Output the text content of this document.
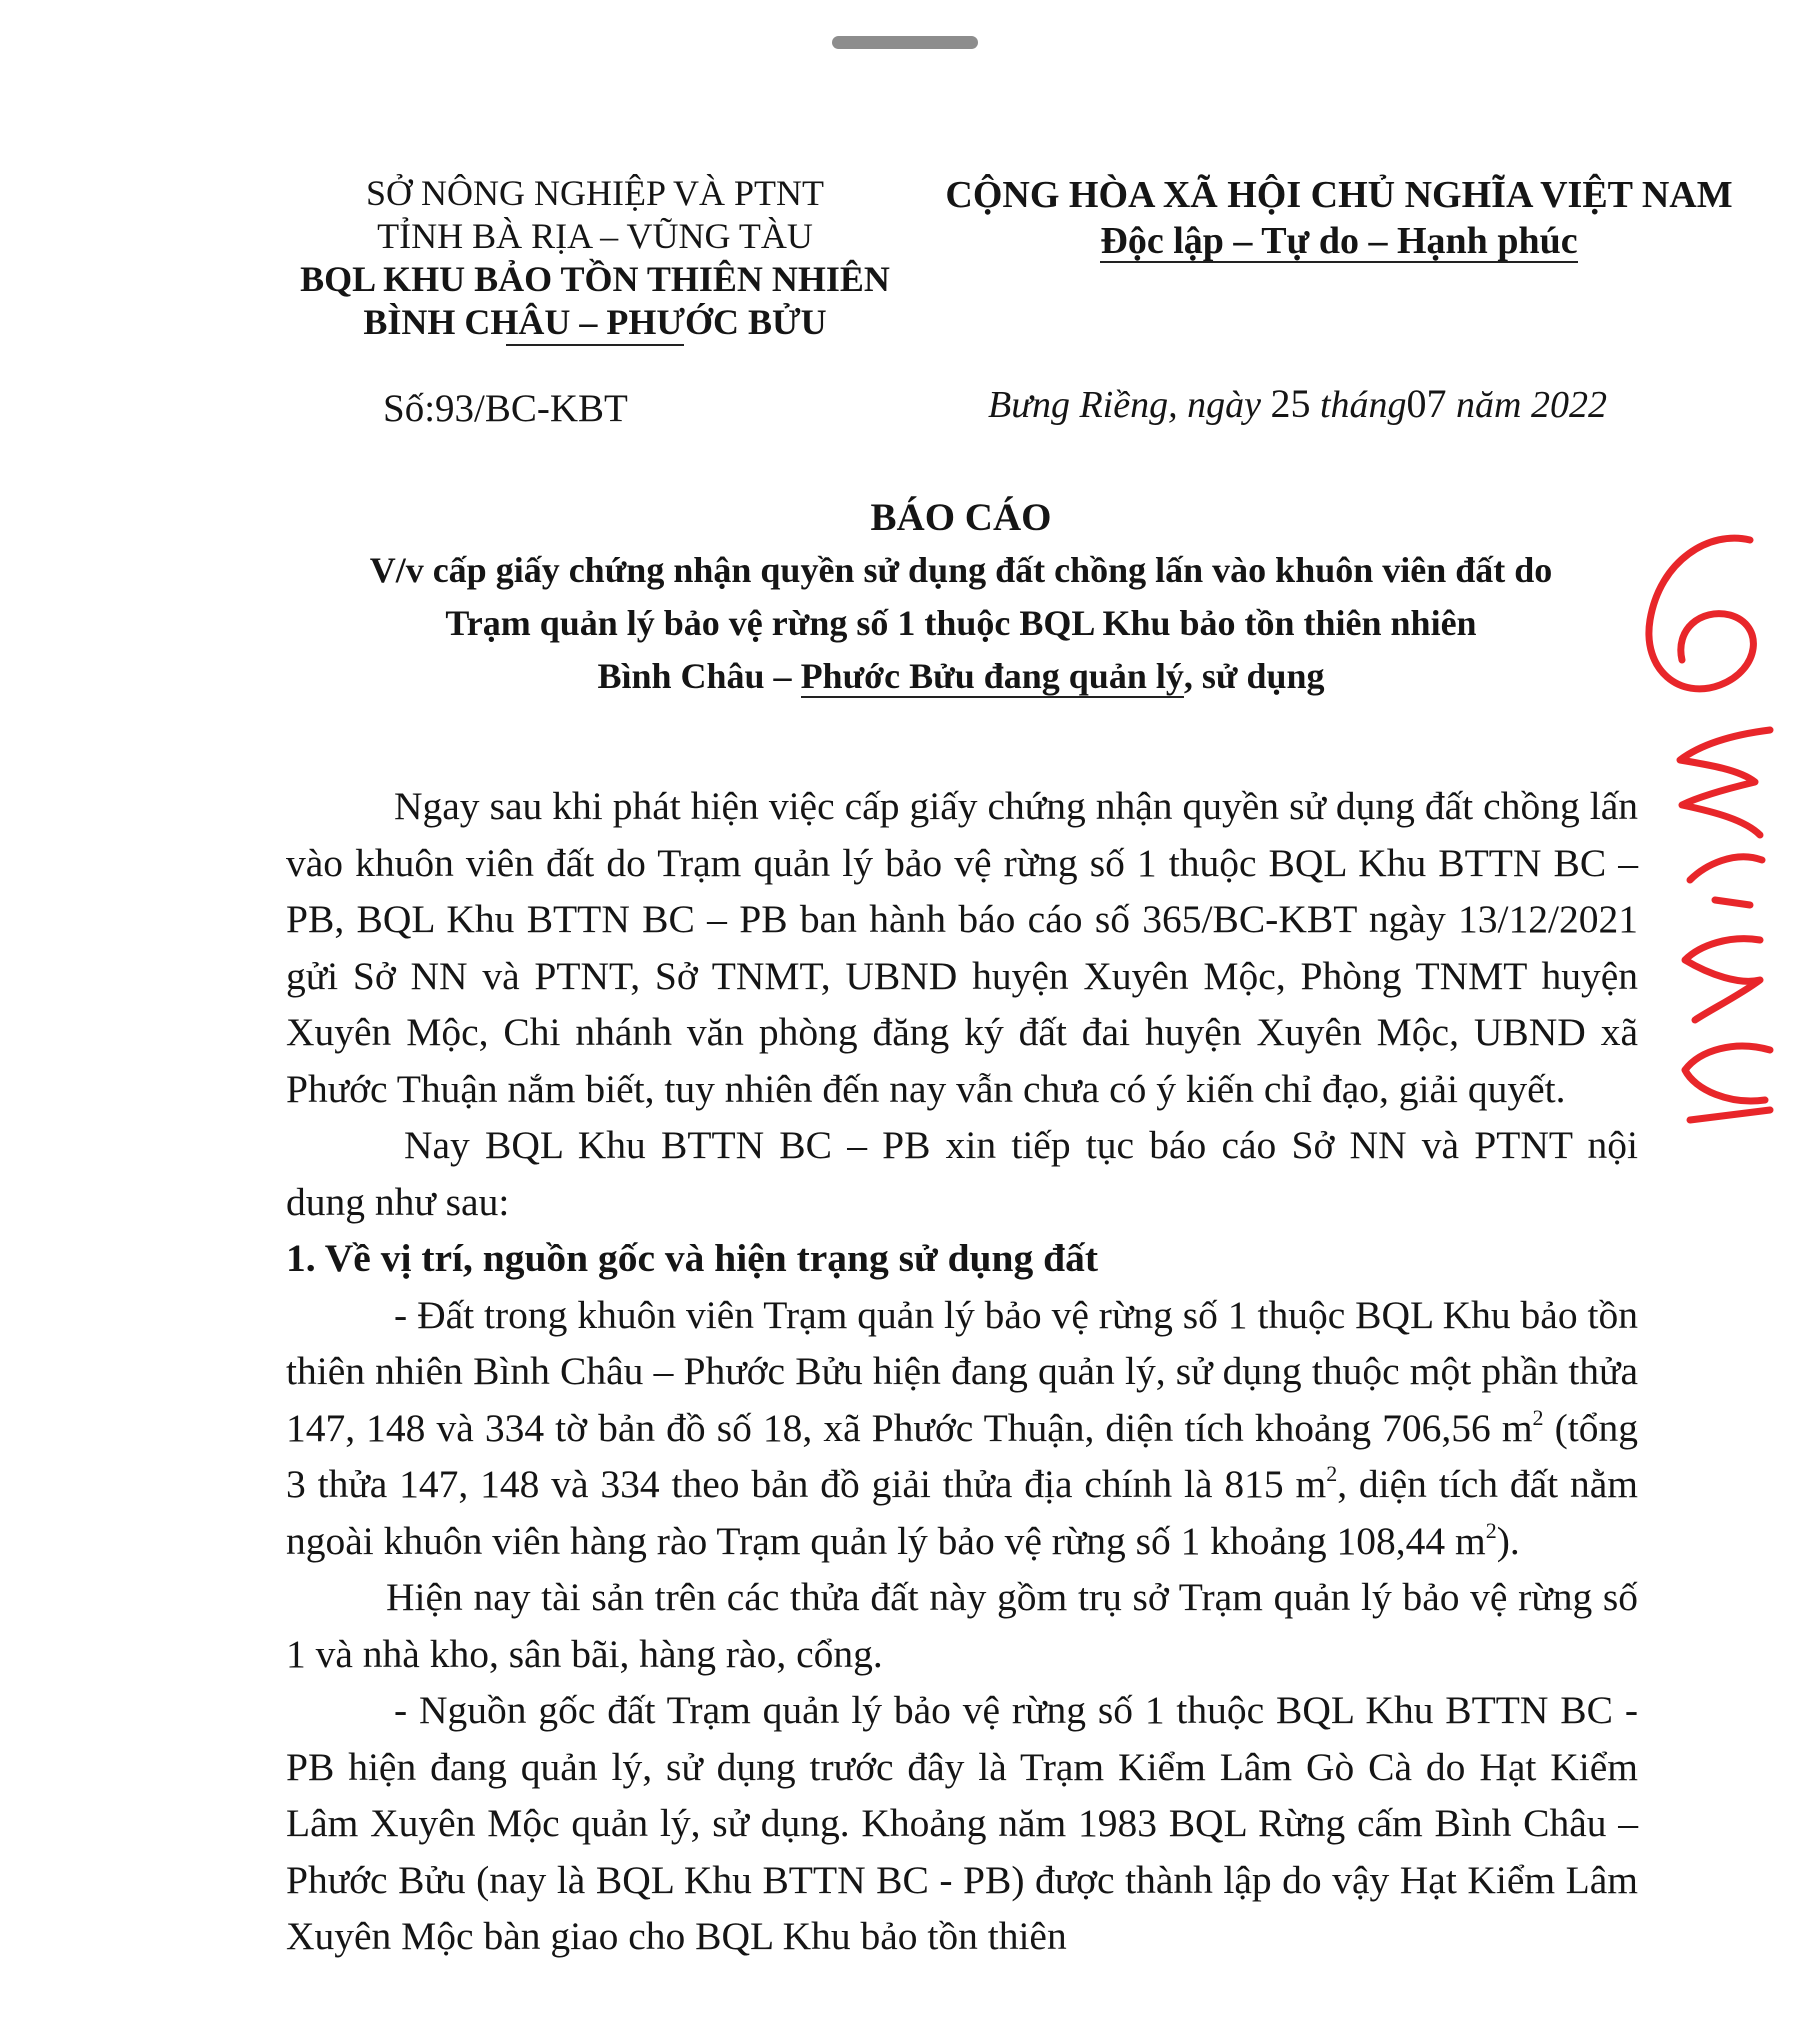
SỞ NÔNG NGHIỆP VÀ PTNT
TỈNH BÀ RỊA – VŨNG TÀU
BQL KHU BẢO TỒN THIÊN NHIÊN
BÌNH CHÂU – PHƯỚC BỬU
CỘNG HÒA XÃ HỘI CHỦ NGHĨA VIỆT NAM
Độc lập – Tự do – Hạnh phúc
Số:93/BC-KBT	Bưng Riềng, ngày 25 tháng07 năm 2022
BÁO CÁO
V/v cấp giấy chứng nhận quyền sử dụng đất chồng lấn vào khuôn viên đất do
Trạm quản lý bảo vệ rừng số 1 thuộc BQL Khu bảo tồn thiên nhiên
Bình Châu – Phước Bửu đang quản lý, sử dụng

Ngay sau khi phát hiện việc cấp giấy chứng nhận quyền sử dụng đất chồng lấn vào khuôn viên đất do Trạm quản lý bảo vệ rừng số 1 thuộc BQL Khu BTTN BC – PB, BQL Khu BTTN BC – PB ban hành báo cáo số 365/BC-KBT ngày 13/12/2021 gửi Sở NN và PTNT, Sở TNMT, UBND huyện Xuyên Mộc, Phòng TNMT huyện Xuyên Mộc, Chi nhánh văn phòng đăng ký đất đai huyện Xuyên Mộc, UBND xã Phước Thuận nắm biết, tuy nhiên đến nay vẫn chưa có ý kiến chỉ đạo, giải quyết.

Nay BQL Khu BTTN BC – PB xin tiếp tục báo cáo Sở NN và PTNT nội dung như sau:

1. Về vị trí, nguồn gốc và hiện trạng sử dụng đất

- Đất trong khuôn viên Trạm quản lý bảo vệ rừng số 1 thuộc BQL Khu bảo tồn thiên nhiên Bình Châu – Phước Bửu hiện đang quản lý, sử dụng thuộc một phần thửa 147, 148 và 334 tờ bản đồ số 18, xã Phước Thuận, diện tích khoảng 706,56 $m^2$ (tổng 3 thửa 147, 148 và 334 theo bản đồ giải thửa địa chính là 815 $m^2$, diện tích đất nằm ngoài khuôn viên hàng rào Trạm quản lý bảo vệ rừng số 1 khoảng 108,44 $m^2$).

Hiện nay tài sản trên các thửa đất này gồm trụ sở Trạm quản lý bảo vệ rừng số 1 và nhà kho, sân bãi, hàng rào, cổng.

- Nguồn gốc đất Trạm quản lý bảo vệ rừng số 1 thuộc BQL Khu BTTN BC - PB hiện đang quản lý, sử dụng trước đây là Trạm Kiểm Lâm Gò Cà do Hạt Kiểm Lâm Xuyên Mộc quản lý, sử dụng. Khoảng năm 1983 BQL Rừng cấm Bình Châu – Phước Bửu (nay là BQL Khu BTTN BC - PB) được thành lập do vậy Hạt Kiểm Lâm Xuyên Mộc bàn giao cho BQL Khu bảo tồn thiên

Tài liệu 6
